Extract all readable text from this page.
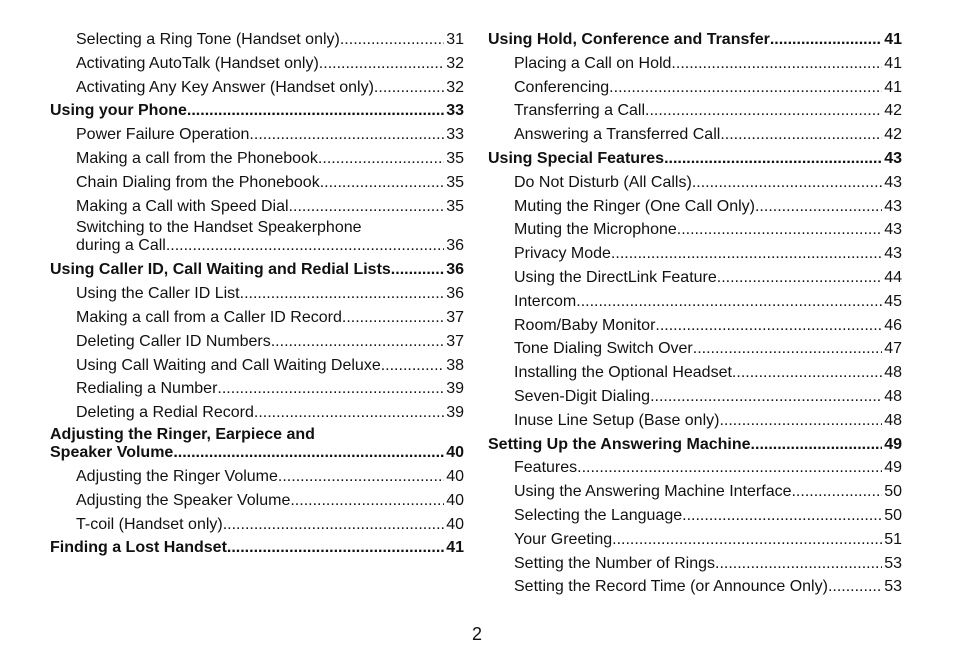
Selecting a Ring Tone (Handset only) .....	31
Activating AutoTalk (Handset only) .....	32
Activating Any Key Answer (Handset only) .....	32
Using your Phone .....	33
Power Failure Operation .....	33
Making a call from the Phonebook .....	35
Chain Dialing from the Phonebook .....	35
Making a Call with Speed Dial .....	35
Switching to the Handset Speakerphone
during a Call .....	36
Using Caller ID, Call Waiting and Redial Lists .....	36
Using the Caller ID List .....	36
Making a call from a Caller ID Record .....	37
Deleting Caller ID Numbers .....	37
Using Call Waiting and Call Waiting Deluxe .....	38
Redialing a Number .....	39
Deleting a Redial Record .....	39
Adjusting the Ringer, Earpiece and
Speaker Volume .....	40
Adjusting the Ringer Volume .....	40
Adjusting the Speaker Volume .....	40
T-coil (Handset only) .....	40
Finding a Lost Handset .....	41
Using Hold, Conference and Transfer .....	41
Placing a Call on Hold .....	41
Conferencing .....	41
Transferring a Call .....	42
Answering a Transferred Call .....	42
Using Special Features .....	43
Do Not Disturb (All Calls) .....	43
Muting the Ringer (One Call Only) .....	43
Muting the Microphone .....	43
Privacy Mode .....	43
Using the DirectLink Feature .....	44
Intercom .....	45
Room/Baby Monitor .....	46
Tone Dialing Switch Over .....	47
Installing the Optional Headset .....	48
Seven-Digit Dialing .....	48
Inuse Line Setup (Base only) .....	48
Setting Up the Answering Machine .....	49
Features .....	49
Using the Answering Machine Interface .....	50
Selecting the Language .....	50
Your Greeting .....	51
Setting the Number of Rings .....	53
Setting the Record Time (or Announce Only) .....	53
2
